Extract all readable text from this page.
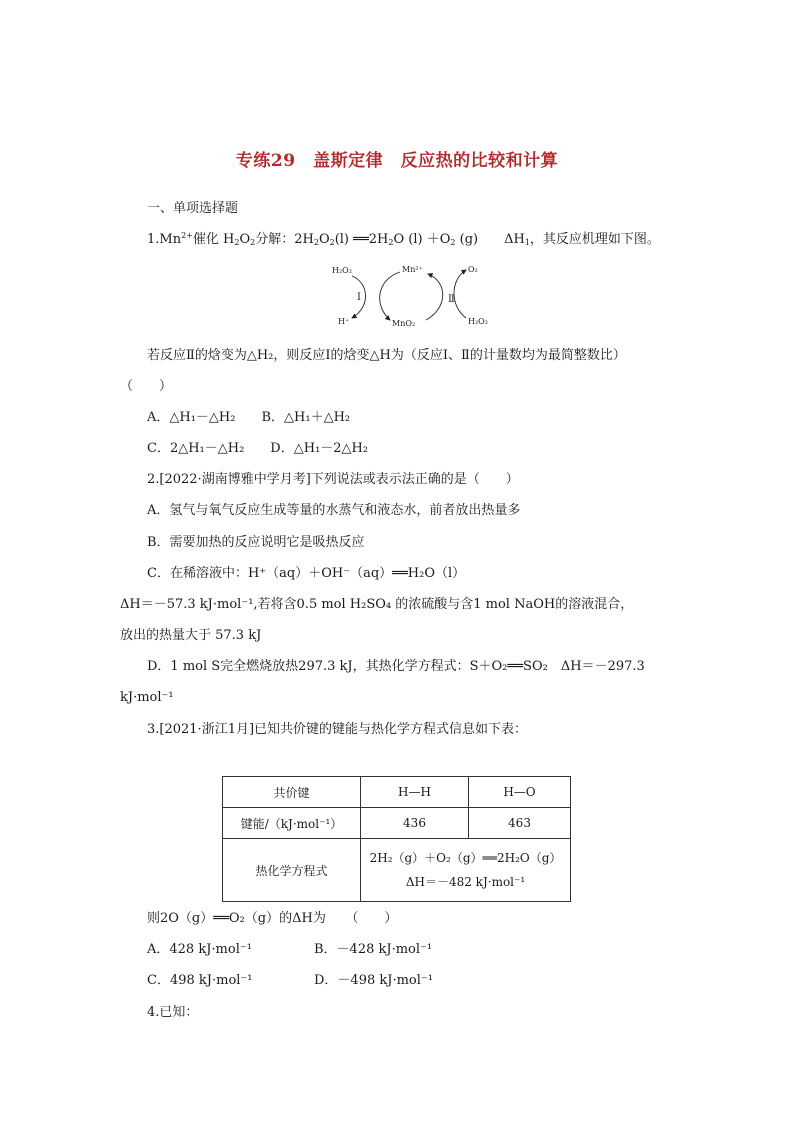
专练29　盖斯定律　反应热的比较和计算
一、单项选择题
$1.Mn^{2+}$催化 $H_2O_2$分解：$2H_2O_2(l)$ $══2H_2O$ $(l) +O_2$ (g)　　$\Delta H_1$，其反应机理如下图。
H₂O₂	Mn²⁺	O₂
H⁺	MnO₂	H₂O₂
Ⅰ	Ⅱ
若反应Ⅱ的焓变为△H₂，则反应Ⅰ的焓变△H为（反应Ⅰ、Ⅱ的计量数均为最简整数比）
（　　）
A．△H₁－△H₂　　B．△H₁＋△H₂
C．2△H₁－△H₂　　D．△H₁－2△H₂
2.[2022·湖南博雅中学月考]下列说法或表示法正确的是（　　）
A．氢气与氧气反应生成等量的水蒸气和液态水，前者放出热量多
B．需要加热的反应说明它是吸热反应
C．在稀溶液中：H⁺（aq）＋OH⁻（aq）══H₂O（l）
ΔH＝－57.3 kJ·mol⁻¹,若将含0.5 mol H₂SO₄ 的浓硫酸与含1 mol NaOH的溶液混合，
放出的热量大于 57.3 kJ
D．1 mol S完全燃烧放热297.3 kJ，其热化学方程式：S＋O₂══SO₂　ΔH＝－297.3
kJ·mol⁻¹
3.[2021·浙江1月]已知共价键的键能与热化学方程式信息如下表：
共价键	H—H	H—O
键能/（kJ·mol⁻¹）	436	463
热化学方程式	2H₂（g）＋O₂（g）══2H₂O（g）
ΔH＝－482 kJ·mol⁻¹	
则2O（g）══O₂（g）的ΔH为　　（　　）
A．428 kJ·mol⁻¹	B．－428 kJ·mol⁻¹
C．498 kJ·mol⁻¹	D．－498 kJ·mol⁻¹
4.已知：
